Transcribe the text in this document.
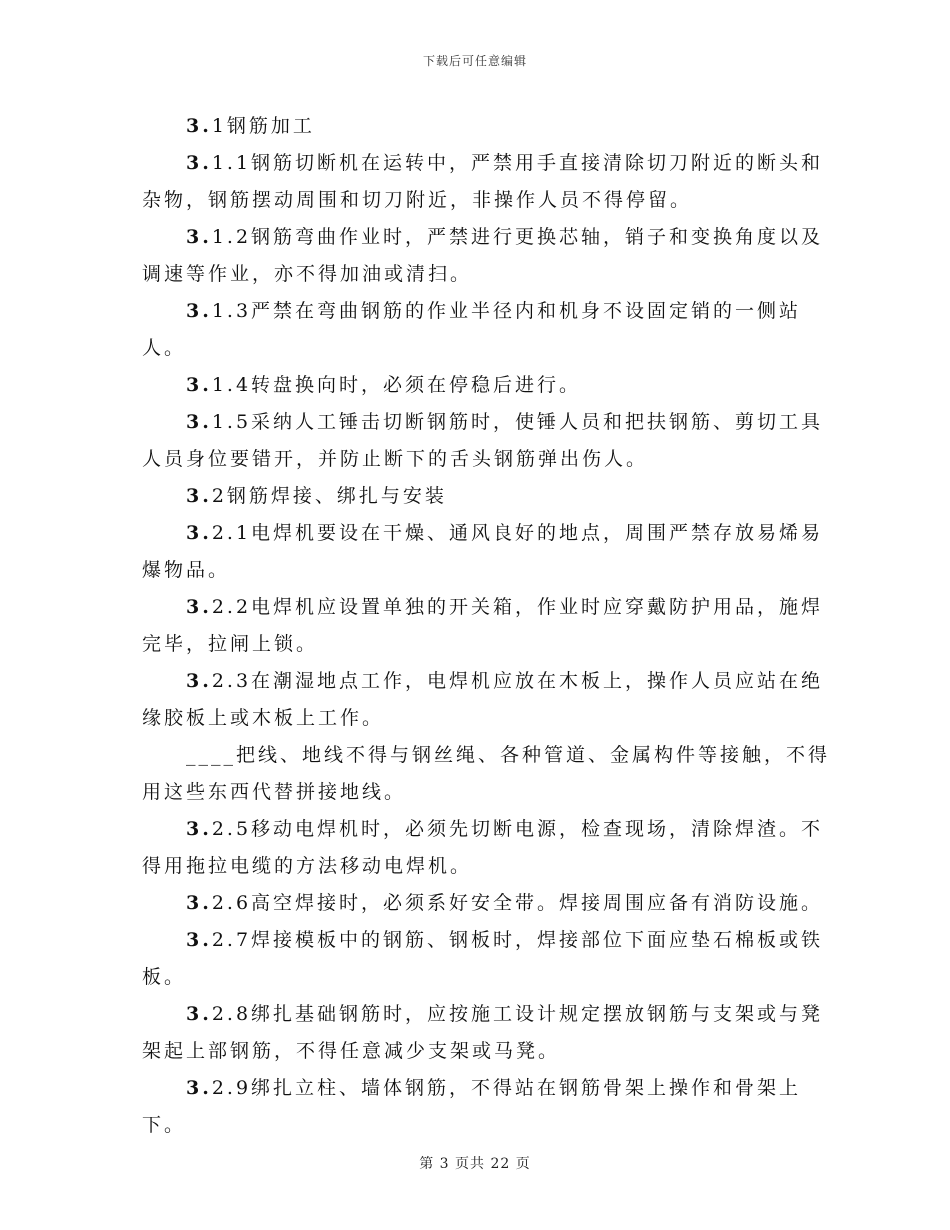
下载后可任意编辑

3.1钢筋加工

3.1.1钢筋切断机在运转中，严禁用手直接清除切刀附近的断头和杂物，钢筋摆动周围和切刀附近，非操作人员不得停留。

3.1.2钢筋弯曲作业时，严禁进行更换芯轴，销子和变换角度以及调速等作业，亦不得加油或清扫。

3.1.3严禁在弯曲钢筋的作业半径内和机身不设固定销的一侧站人。

3.1.4转盘换向时，必须在停稳后进行。

3.1.5采纳人工锤击切断钢筋时，使锤人员和把扶钢筋、剪切工具人员身位要错开，并防止断下的舌头钢筋弹出伤人。

3.2钢筋焊接、绑扎与安装

3.2.1电焊机要设在干燥、通风良好的地点，周围严禁存放易烯易爆物品。

3.2.2电焊机应设置单独的开关箱，作业时应穿戴防护用品，施焊完毕，拉闸上锁。

3.2.3在潮湿地点工作，电焊机应放在木板上，操作人员应站在绝缘胶板上或木板上工作。

____把线、地线不得与钢丝绳、各种管道、金属构件等接触，不得用这些东西代替拼接地线。

3.2.5移动电焊机时，必须先切断电源，检查现场，清除焊渣。不得用拖拉电缆的方法移动电焊机。

3.2.6高空焊接时，必须系好安全带。焊接周围应备有消防设施。

3.2.7焊接模板中的钢筋、钢板时，焊接部位下面应垫石棉板或铁板。

3.2.8绑扎基础钢筋时，应按施工设计规定摆放钢筋与支架或与凳架起上部钢筋，不得任意减少支架或马凳。

3.2.9绑扎立柱、墙体钢筋，不得站在钢筋骨架上操作和骨架上下。

第 3 页共 22 页
